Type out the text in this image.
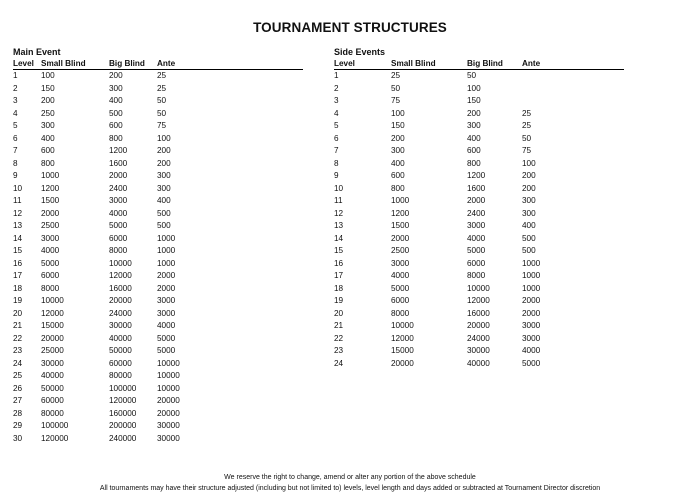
TOURNAMENT STRUCTURES
Main Event
Level	Small Blind	Big Blind	Ante
1	100	200	25
2	150	300	25
3	200	400	50
4	250	500	50
5	300	600	75
6	400	800	100
7	600	1200	200
8	800	1600	200
9	1000	2000	300
10	1200	2400	300
11	1500	3000	400
12	2000	4000	500
13	2500	5000	500
14	3000	6000	1000
15	4000	8000	1000
16	5000	10000	1000
17	6000	12000	2000
18	8000	16000	2000
19	10000	20000	3000
20	12000	24000	3000
21	15000	30000	4000
22	20000	40000	5000
23	25000	50000	5000
24	30000	60000	10000
25	40000	80000	10000
26	50000	100000	10000
27	60000	120000	20000
28	80000	160000	20000
29	100000	200000	30000
30	120000	240000	30000
Side Events
Level	Small Blind	Big Blind	Ante
1	25	50	
2	50	100	
3	75	150	
4	100	200	25
5	150	300	25
6	200	400	50
7	300	600	75
8	400	800	100
9	600	1200	200
10	800	1600	200
11	1000	2000	300
12	1200	2400	300
13	1500	3000	400
14	2000	4000	500
15	2500	5000	500
16	3000	6000	1000
17	4000	8000	1000
18	5000	10000	1000
19	6000	12000	2000
20	8000	16000	2000
21	10000	20000	3000
22	12000	24000	3000
23	15000	30000	4000
24	20000	40000	5000
We reserve the right to change, amend or alter any portion of the above schedule
All tournaments may have their structure adjusted (including but not limited to) levels, level length and days added or subtracted at Tournament Director discretion
